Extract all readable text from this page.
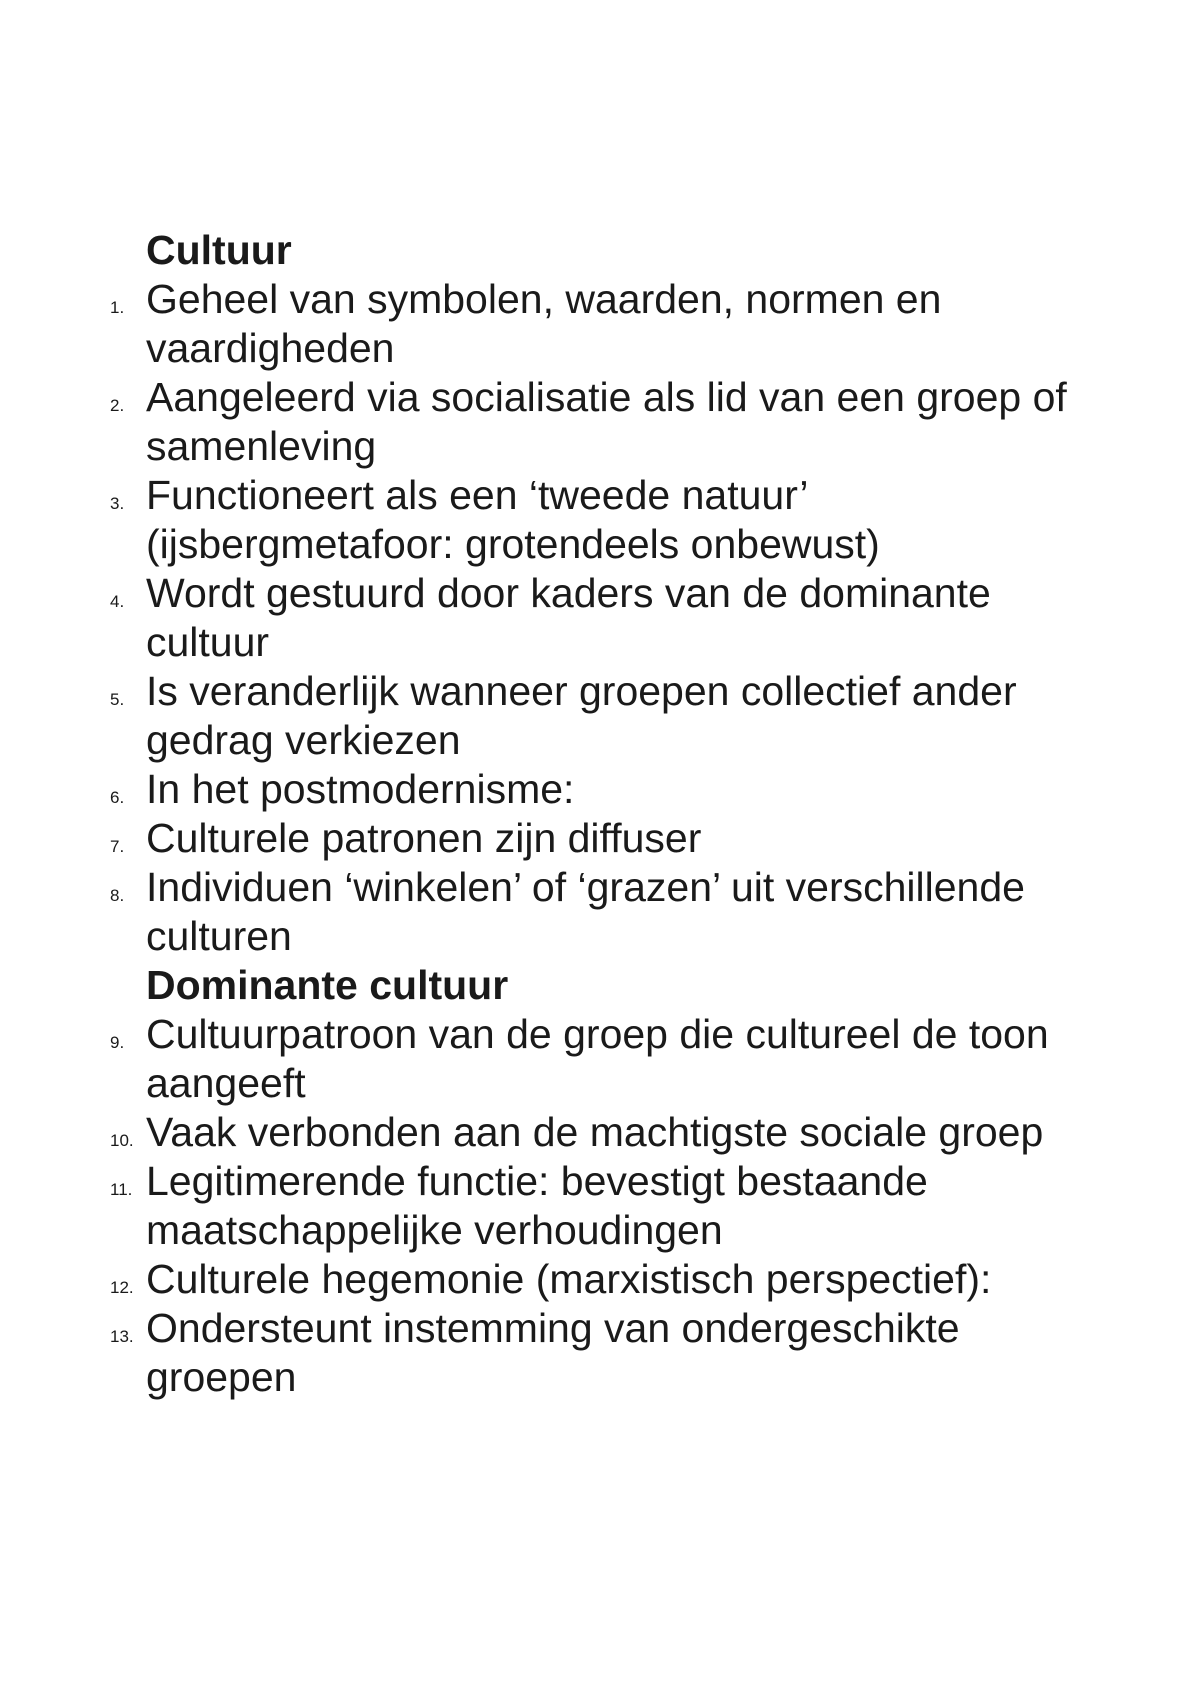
Cultuur
1. Geheel van symbolen, waarden, normen en vaardigheden
2. Aangeleerd via socialisatie als lid van een groep of samenleving
3. Functioneert als een ‘tweede natuur’ (ijsbergmetafoor: grotendeels onbewust)
4. Wordt gestuurd door kaders van de dominante cultuur
5. Is veranderlijk wanneer groepen collectief ander gedrag verkiezen
6. In het postmodernisme:
7. Culturele patronen zijn diffuser
8. Individuen ‘winkelen’ of ‘grazen’ uit verschillende culturen
Dominante cultuur
9. Cultuurpatroon van de groep die cultureel de toon aangeeft
10. Vaak verbonden aan de machtigste sociale groep
11. Legitimerende functie: bevestigt bestaande maatschappelijke verhoudingen
12. Culturele hegemonie (marxistisch perspectief):
13. Ondersteunt instemming van ondergeschikte groepen
